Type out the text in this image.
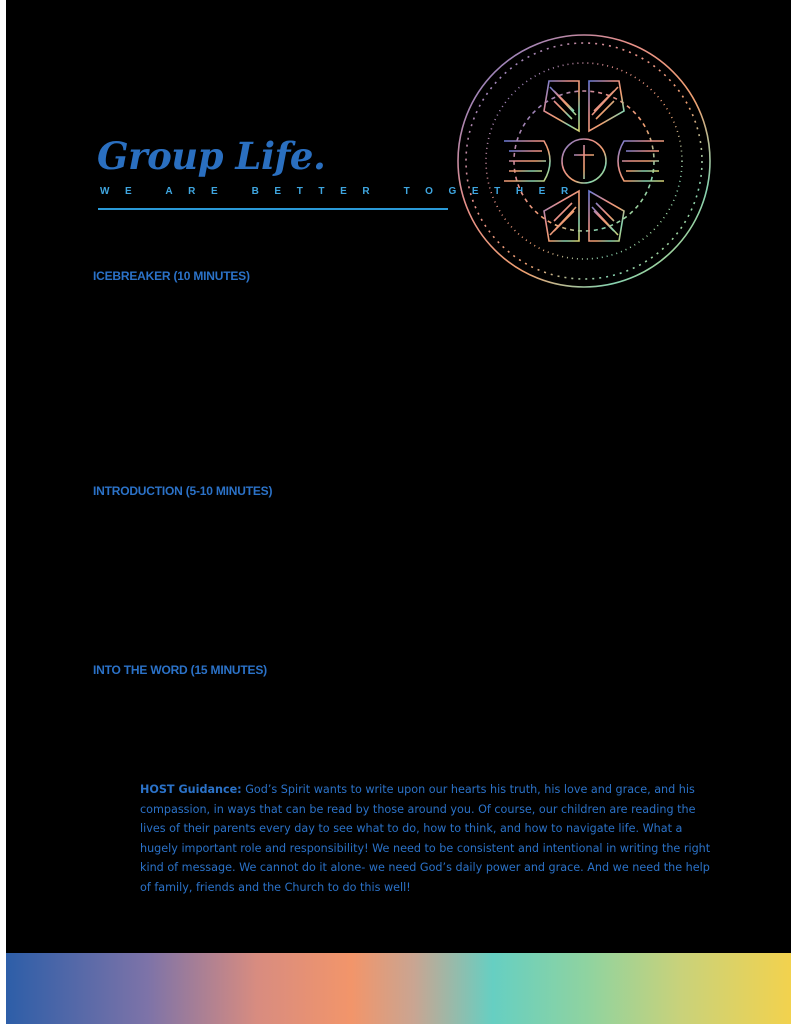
Group Life.
WE ARE BETTER TOGETHER
ICEBREAKER (10 MINUTES)
INTRODUCTION (5-10 MINUTES)
INTO THE WORD (15 MINUTES)
HOST Guidance: God’s Spirit wants to write upon our hearts his truth, his love and grace, and his compassion, in ways that can be read by those around you. Of course, our children are reading the lives of their parents every day to see what to do, how to think, and how to navigate life. What a hugely important role and responsibility! We need to be consistent and intentional in writing the right kind of message. We cannot do it alone- we need God’s daily power and grace. And we need the help of family, friends and the Church to do this well!
